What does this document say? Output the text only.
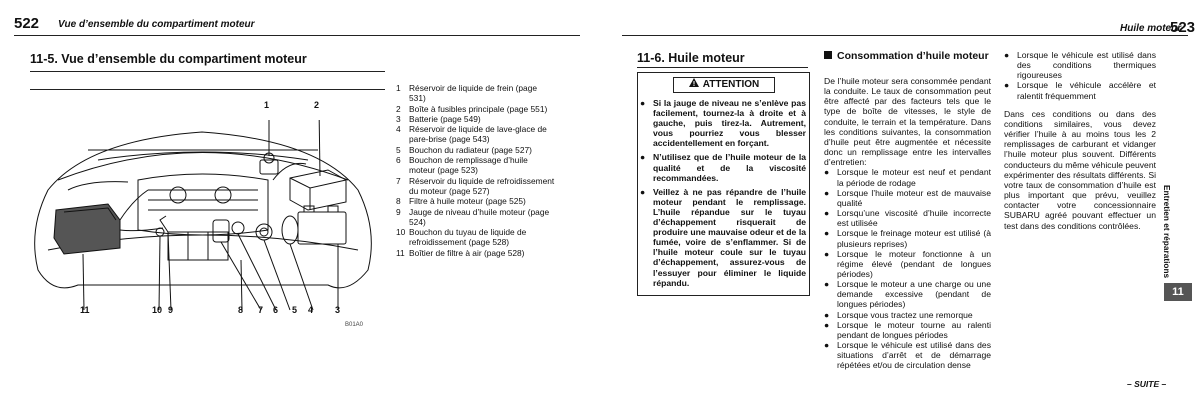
522 Vue d’ensemble du compartiment moteur
11-5. Vue d’ensemble du compartiment moteur
1	2
11	10 9	8 7 6 5 4 3
B01A0
1 Réservoir de liquide de frein (page 531)
2 Boîte à fusibles principale (page 551)
3 Batterie (page 549)
4 Réservoir de liquide de lave-glace de pare-brise (page 543)
5 Bouchon du radiateur (page 527)
6 Bouchon de remplissage d’huile moteur (page 523)
7 Réservoir du liquide de refroidissement du moteur (page 527)
8 Filtre à huile moteur (page 525)
9 Jauge de niveau d’huile moteur (page 524)
10 Bouchon du tuyau de liquide de refroidissement (page 528)
11 Boîtier de filtre à air (page 528)
Huile moteur
523
11-6. Huile moteur
ATTENTION
● Si la jauge de niveau ne s’enlève pas facilement, tournez-la à droite et à gauche, puis tirez-la. Autrement, vous pourriez vous blesser accidentellement en forçant.
● N’utilisez que de l’huile moteur de la qualité et de la viscosité recommandées.
● Veillez à ne pas répandre de l’huile moteur pendant le remplissage. L’huile répandue sur le tuyau d’échappement risquerait de produire une mauvaise odeur et de la fumée, voire de s’enflammer. Si de l’huile moteur coule sur le tuyau d’échappement, assurez-vous de l’essuyer pour éliminer le liquide répandu.
Consommation d’huile moteur
De l’huile moteur sera consommée pendant la conduite. Le taux de consommation peut être affecté par des facteurs tels que le type de boîte de vitesses, le style de conduite, le terrain et la température. Dans les conditions suivantes, la consommation d’huile peut être augmentée et nécessite donc un remplissage entre les intervalles d’entretien:
● Lorsque le moteur est neuf et pendant la période de rodage
● Lorsque l’huile moteur est de mauvaise qualité
● Lorsqu’une viscosité d’huile incorrecte est utilisée
● Lorsque le freinage moteur est utilisé (à plusieurs reprises)
● Lorsque le moteur fonctionne à un régime élevé (pendant de longues périodes)
● Lorsque le moteur a une charge ou une demande excessive (pendant de longues périodes)
● Lorsque vous tractez une remorque
● Lorsque le moteur tourne au ralenti pendant de longues périodes
● Lorsque le véhicule est utilisé dans des situations d’arrêt et de démarrage répétées et/ou de circulation dense
● Lorsque le véhicule est utilisé dans des conditions thermiques rigoureuses
● Lorsque le véhicule accélère et ralentit fréquemment
Dans ces conditions ou dans des conditions similaires, vous devez vérifier l’huile à au moins tous les 2 remplissages de carburant et vidanger l’huile moteur plus souvent. Différents conducteurs du même véhicule peuvent expérimenter des résultats différents. Si votre taux de consommation d’huile est plus important que prévu, veuillez contacter votre concessionnaire SUBARU agréé pouvant effectuer un test dans des conditions contrôlées.	Entretien et réparations
11
– SUITE –
